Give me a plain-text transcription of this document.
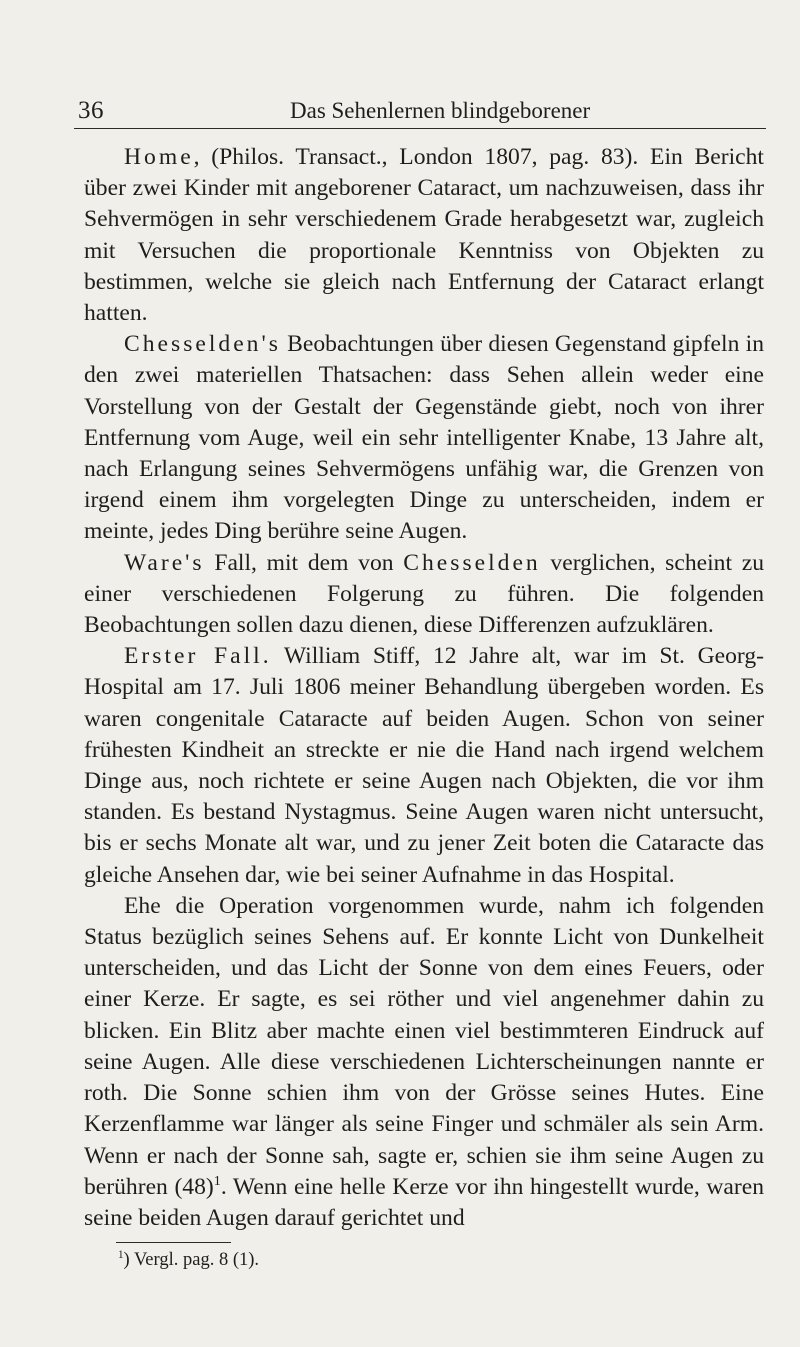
36	Das Sehenlernen blindgeborener

Home, (Philos. Transact., London 1807, pag. 83). Ein Bericht über zwei Kinder mit angeborener Cataract, um nachzuweisen, dass ihr Sehvermögen in sehr verschiedenem Grade herabgesetzt war, zugleich mit Versuchen die proportionale Kenntniss von Objekten zu bestimmen, welche sie gleich nach Entfernung der Cataract erlangt hatten.

Chesselden's Beobachtungen über diesen Gegenstand gipfeln in den zwei materiellen Thatsachen: dass Sehen allein weder eine Vorstellung von der Gestalt der Gegenstände giebt, noch von ihrer Entfernung vom Auge, weil ein sehr intelligenter Knabe, 13 Jahre alt, nach Erlangung seines Sehvermögens unfähig war, die Grenzen von irgend einem ihm vorgelegten Dinge zu unterscheiden, indem er meinte, jedes Ding berühre seine Augen.

Ware's Fall, mit dem von Chesselden verglichen, scheint zu einer verschiedenen Folgerung zu führen. Die folgenden Beobachtungen sollen dazu dienen, diese Differenzen aufzuklären.

Erster Fall. William Stiff, 12 Jahre alt, war im St. Georg-Hospital am 17. Juli 1806 meiner Behandlung übergeben worden. Es waren congenitale Cataracte auf beiden Augen. Schon von seiner frühesten Kindheit an streckte er nie die Hand nach irgend welchem Dinge aus, noch richtete er seine Augen nach Objekten, die vor ihm standen. Es bestand Nystagmus. Seine Augen waren nicht untersucht, bis er sechs Monate alt war, und zu jener Zeit boten die Cataracte das gleiche Ansehen dar, wie bei seiner Aufnahme in das Hospital.

Ehe die Operation vorgenommen wurde, nahm ich folgenden Status bezüglich seines Sehens auf. Er konnte Licht von Dunkelheit unterscheiden, und das Licht der Sonne von dem eines Feuers, oder einer Kerze. Er sagte, es sei röther und viel angenehmer dahin zu blicken. Ein Blitz aber machte einen viel bestimmteren Eindruck auf seine Augen. Alle diese verschiedenen Lichterscheinungen nannte er roth. Die Sonne schien ihm von der Grösse seines Hutes. Eine Kerzenflamme war länger als seine Finger und schmäler als sein Arm. Wenn er nach der Sonne sah, sagte er, schien sie ihm seine Augen zu berühren $(48)^1$. Wenn eine helle Kerze vor ihn hingestellt wurde, waren seine beiden Augen darauf gerichtet und

$^1$) Vergl. pag. 8 (1).
